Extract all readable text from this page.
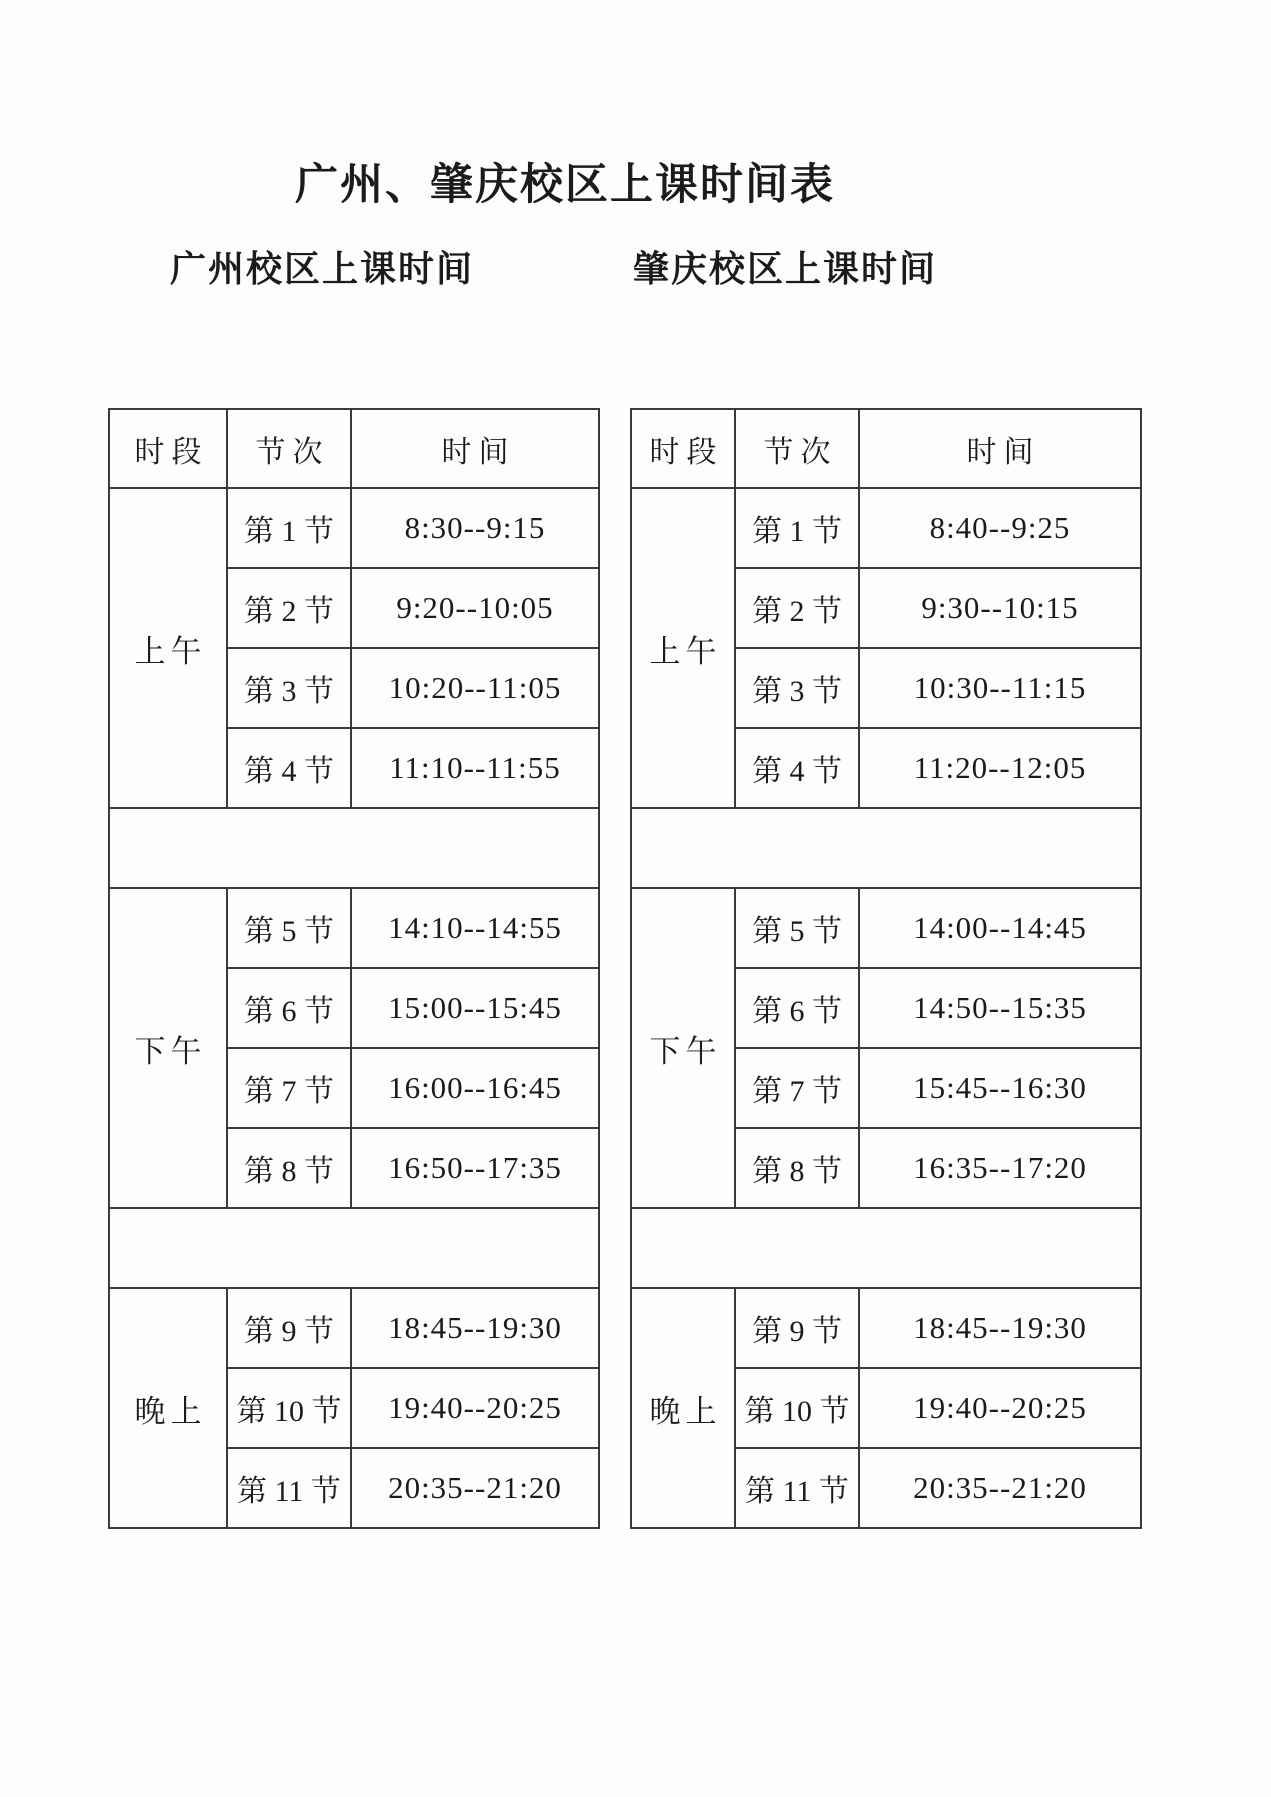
广州、肇庆校区上课时间表
广州校区上课时间	肇庆校区上课时间
时段	节次	时间
上午	第 1 节	8:30--9:15
	第 2 节	9:20--10:05
	第 3 节	10:20--11:05
	第 4 节	11:10--11:55

下午	第 5 节	14:10--14:55
	第 6 节	15:00--15:45
	第 7 节	16:00--16:45
	第 8 节	16:50--17:35

晚上	第 9 节	18:45--19:30
	第 10 节	19:40--20:25
	第 11 节	20:35--21:20
时段	节次	时间
上午	第 1 节	8:40--9:25
	第 2 节	9:30--10:15
	第 3 节	10:30--11:15
	第 4 节	11:20--12:05

下午	第 5 节	14:00--14:45
	第 6 节	14:50--15:35
	第 7 节	15:45--16:30
	第 8 节	16:35--17:20

晚上	第 9 节	18:45--19:30
	第 10 节	19:40--20:25
	第 11 节	20:35--21:20
